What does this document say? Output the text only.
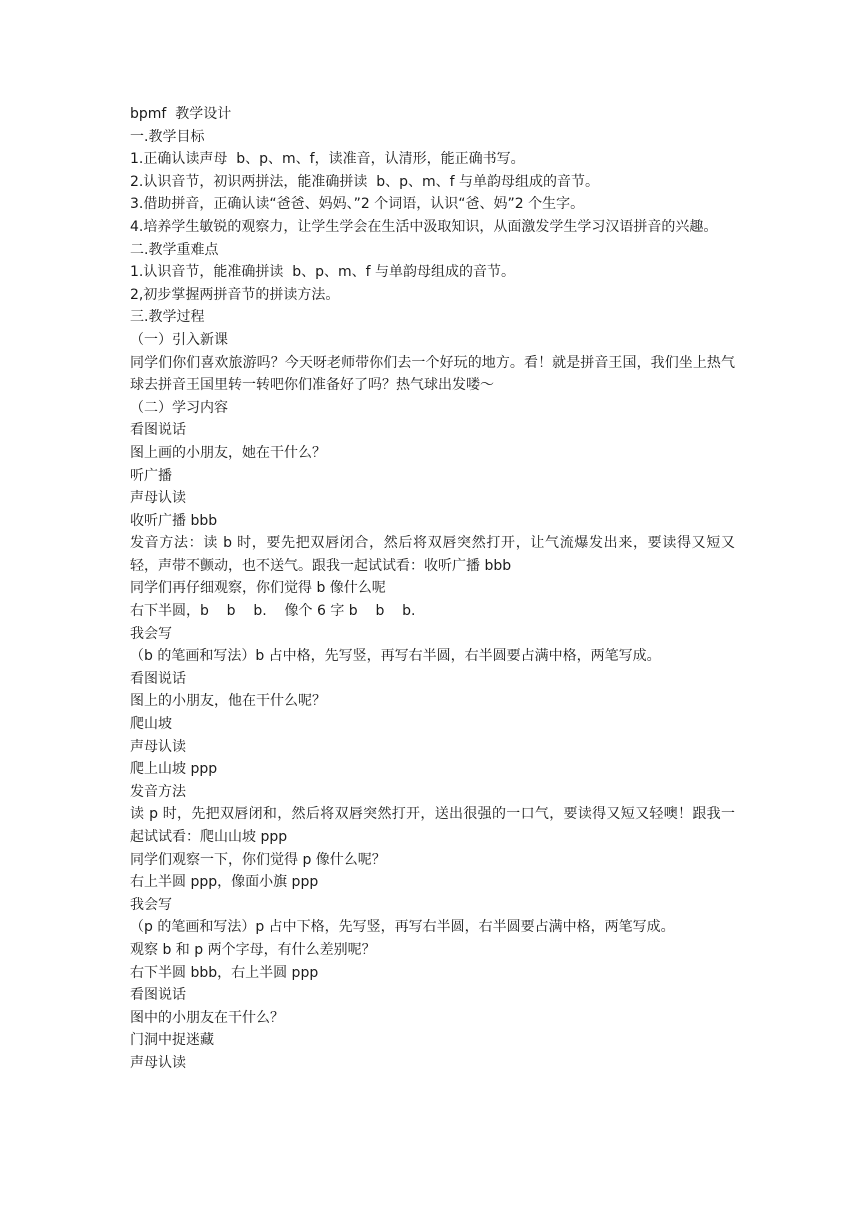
bpmf  教学设计

一.教学目标

1.正确认读声母  b、p、m、f，读准音，认清形，能正确书写。

2.认识音节，初识两拼法，能准确拼读  b、p、m、f 与单韵母组成的音节。

3.借助拼音，正确认读“爸爸、妈妈、”2 个词语，认识“爸、妈”2 个生字。

4.培养学生敏锐的观察力，让学生学会在生活中汲取知识，从面激发学生学习汉语拼音的兴趣。

二.教学重难点

1.认识音节，能准确拼读  b、p、m、f 与单韵母组成的音节。

2,初步掌握两拼音节的拼读方法。

三.教学过程

（一）引入新课

同学们你们喜欢旅游吗？今天呀老师带你们去一个好玩的地方。看！就是拼音王国，我们坐上热气球去拼音王国里转一转吧你们准备好了吗？热气球出发喽～

（二）学习内容

看图说话

图上画的小朋友，她在干什么？

听广播

声母认读

收听广播 bbb

发音方法：读 b 时，要先把双唇闭合，然后将双唇突然打开，让气流爆发出来，要读得又短又轻，声带不颤动，也不送气。跟我一起试试看：收听广播 bbb

同学们再仔细观察，你们觉得 b 像什么呢

右下半圆，b    b    b.    像个 6 字 b    b    b.

我会写

（b 的笔画和写法）b 占中格，先写竖，再写右半圆，右半圆要占满中格，两笔写成。

看图说话

图上的小朋友，他在干什么呢？

爬山坡

声母认读

爬上山坡 ppp

发音方法

读 p 时，先把双唇闭和，然后将双唇突然打开，送出很强的一口气，要读得又短又轻噢！跟我一起试试看：爬山山坡 ppp

同学们观察一下，你们觉得 p 像什么呢？

右上半圆 ppp，像面小旗 ppp

我会写

（p 的笔画和写法）p 占中下格，先写竖，再写右半圆，右半圆要占满中格，两笔写成。

观察 b 和 p 两个字母，有什么差别呢？

右下半圆 bbb，右上半圆 ppp

看图说话

图中的小朋友在干什么？

门洞中捉迷藏

声母认读
